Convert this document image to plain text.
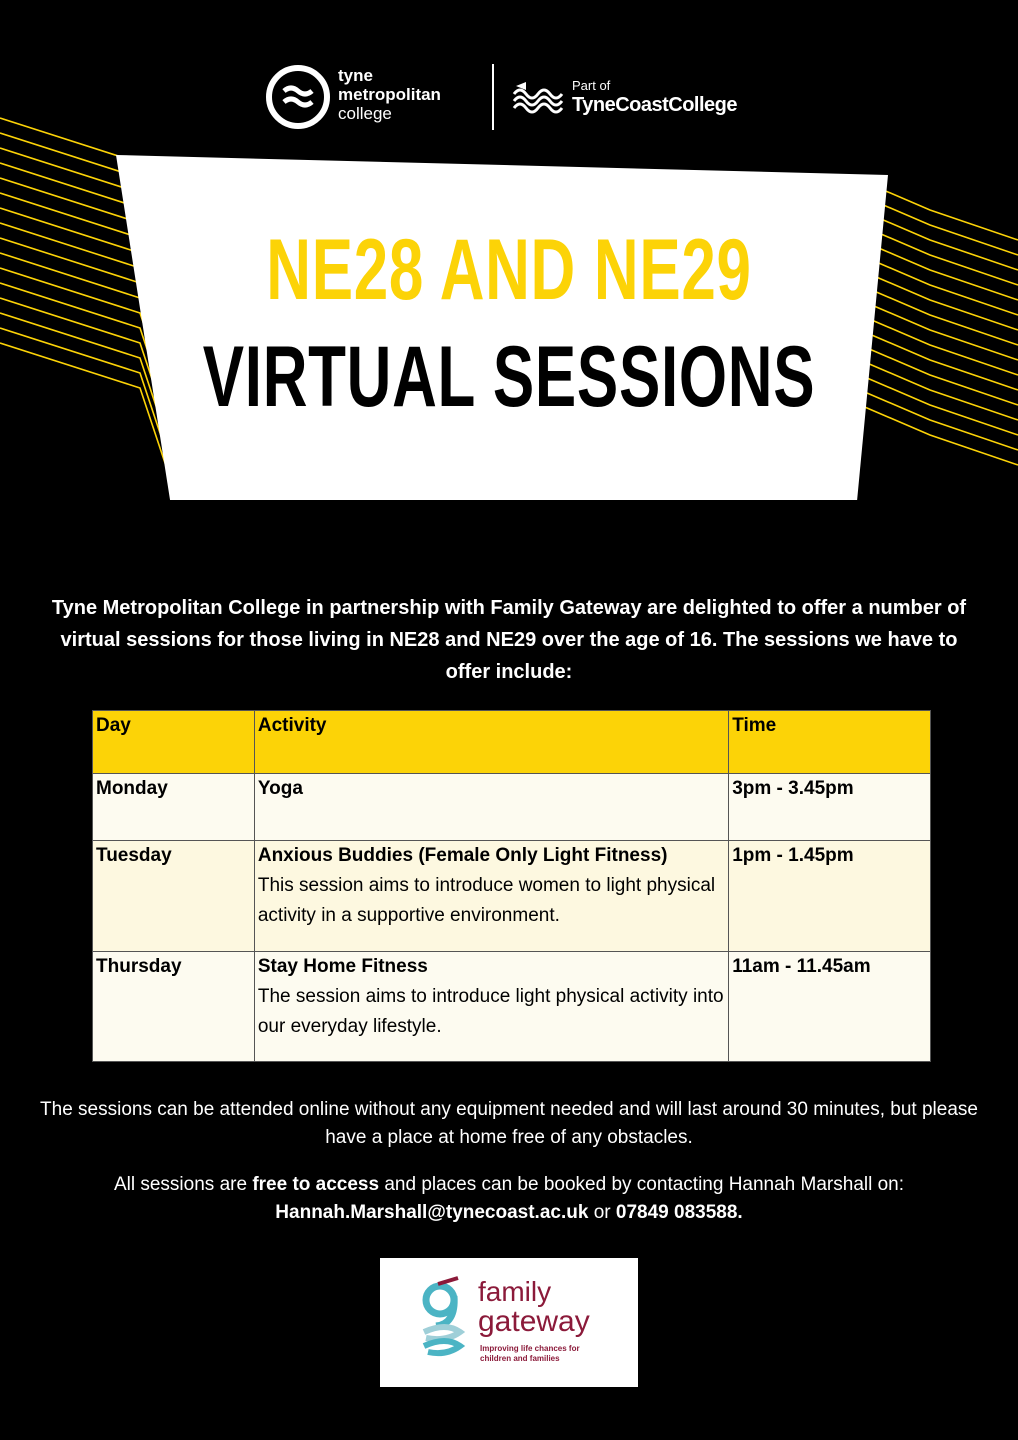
tyne
metropolitan
college
Part of
TyneCoastCollege
NE28 AND NE29
VIRTUAL SESSIONS
Tyne Metropolitan College in partnership with Family Gateway are delighted to offer a number of virtual sessions for those living in NE28 and NE29 over the age of 16. The sessions we have to offer include:
Day	Activity	Time
Monday	Yoga	3pm - 3.45pm
Tuesday	Anxious Buddies (Female Only Light Fitness)
This session aims to introduce women to light physical activity in a supportive environment.	1pm - 1.45pm
Thursday	Stay Home Fitness
The session aims to introduce light physical activity into our everyday lifestyle.	11am - 11.45am
The sessions can be attended online without any equipment needed and will last around 30 minutes, but please have a place at home free of any obstacles.
All sessions are free to access and places can be booked by contacting Hannah Marshall on:
Hannah.Marshall@tynecoast.ac.uk or 07849 083588.
family
gateway
Improving life chances for
children and families
